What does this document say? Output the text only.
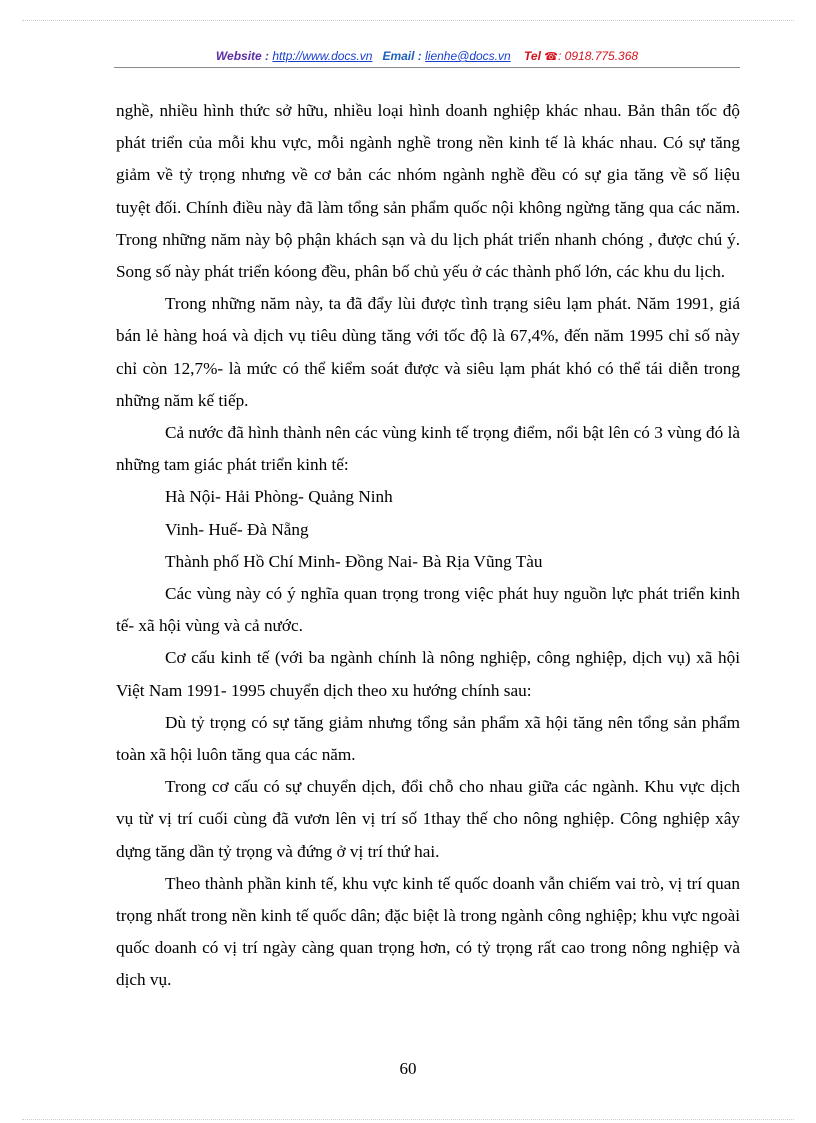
Website : http://www.docs.vn Email : lienhe@docs.vn Tel ☎: 0918.775.368

nghề, nhiều hình thức sở hữu, nhiều loại hình doanh nghiệp khác nhau. Bản thân tốc độ phát triển của mỗi khu vực, mỗi ngành nghề trong nền kinh tế là khác nhau. Có sự tăng giảm về tỷ trọng nhưng về cơ bản các nhóm ngành nghề đều có sự gia tăng về số liệu tuyệt đối. Chính điều này đã làm tổng sản phẩm quốc nội không ngừng tăng qua các năm. Trong những năm này bộ phận khách sạn và du lịch phát triển nhanh chóng , được chú ý. Song số này phát triển kóong đều, phân bố chủ yếu ở các thành phố lớn, các khu du lịch.

Trong những năm này, ta đã đẩy lùi được tình trạng siêu lạm phát. Năm 1991, giá bán lẻ hàng hoá và dịch vụ tiêu dùng tăng với tốc độ là 67,4%, đến năm 1995 chỉ số này chỉ còn 12,7%- là mức có thể kiểm soát được và siêu lạm phát khó có thể tái diễn trong những năm kế tiếp.

Cả nước đã hình thành nên các vùng kinh tế trọng điểm, nổi bật lên có 3 vùng đó là những tam giác phát triển kinh tế:

Hà Nội- Hải Phòng- Quảng Ninh

Vinh- Huế- Đà Nẵng

Thành phố Hồ Chí Minh- Đồng Nai- Bà Rịa Vũng Tàu

Các vùng này có ý nghĩa quan trọng trong việc phát huy nguồn lực phát triển kinh tế- xã hội vùng và cả nước.

Cơ cấu kinh tế (với ba ngành chính là nông nghiệp, công nghiệp, dịch vụ) xã hội Việt Nam 1991- 1995 chuyển dịch theo xu hướng chính sau:

Dù tỷ trọng có sự tăng giảm nhưng tổng sản phẩm xã hội tăng nên tổng sản phẩm toàn xã hội luôn tăng qua các năm.

Trong cơ cấu có sự chuyển dịch, đổi chỗ cho nhau giữa các ngành. Khu vực dịch vụ từ vị trí cuối cùng đã vươn lên vị trí số 1thay thế cho nông nghiệp. Công nghiệp xây dựng tăng dần tỷ trọng và đứng ở vị trí thứ hai.

Theo thành phần kinh tế, khu vực kinh tế quốc doanh vẫn chiếm vai trò, vị trí quan trọng nhất trong nền kinh tế quốc dân; đặc biệt là trong ngành công nghiệp; khu vực ngoài quốc doanh có vị trí ngày càng quan trọng hơn, có tỷ trọng rất cao trong nông nghiệp và dịch vụ.

60
